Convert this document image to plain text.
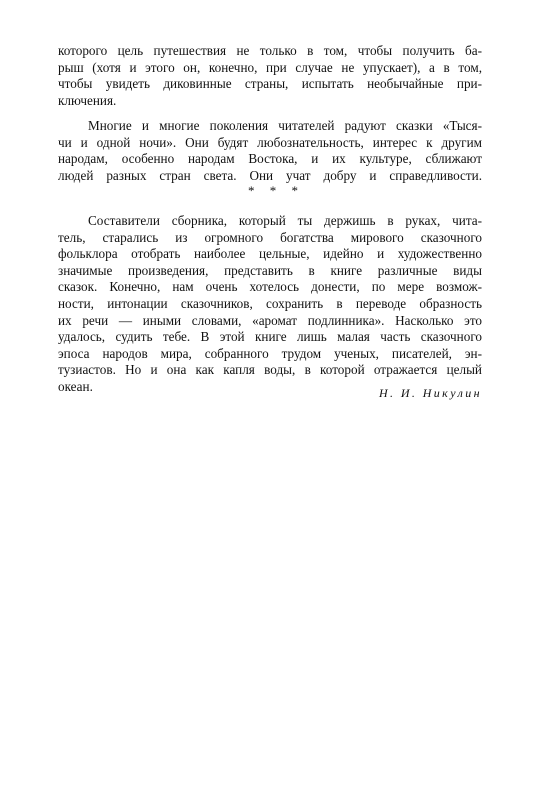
которого цель путешествия не только в том, чтобы получить ба-
рыш (хотя и этого он, конечно, при случае не упускает), а в том,
чтобы увидеть диковинные страны, испытать необычайные при-
ключения.
Многие и многие поколения читателей радуют сказки «Тыся-
чи и одной ночи». Они будят любознательность, интерес к другим
народам, особенно народам Востока, и их культуре, сближают
людей разных стран света. Они учат добру и справедливости.
* * *
Составители сборника, который ты держишь в руках, чита-
тель, старались из огромного богатства мирового сказочного
фольклора отобрать наиболее цельные, идейно и художественно
значимые произведения, представить в книге различные виды
сказок. Конечно, нам очень хотелось донести, по мере возмож-
ности, интонации сказочников, сохранить в переводе образность
их речи — иными словами, «аромат подлинника». Насколько это
удалось, судить тебе. В этой книге лишь малая часть сказочного
эпоса народов мира, собранного трудом ученых, писателей, эн-
тузиастов. Но и она как капля воды, в которой отражается целый
океан.	Н. И. Никулин
